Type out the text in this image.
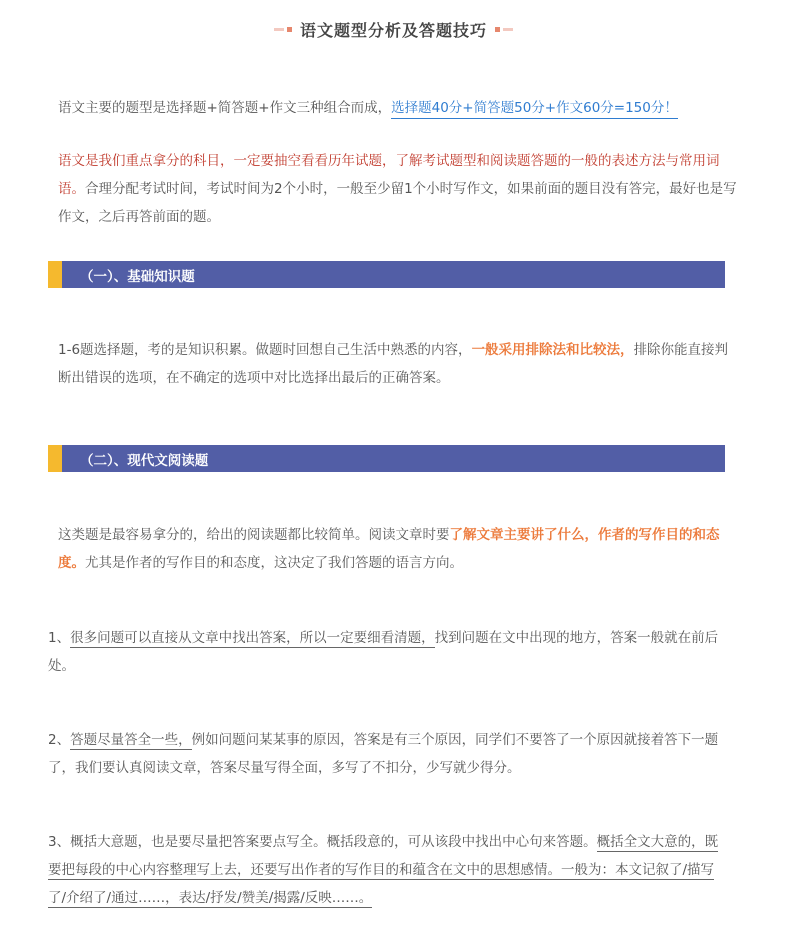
语文题型分析及答题技巧

语文主要的题型是选择题+简答题+作文三种组合而成，选择题40分+简答题50分+作文60分=150分！

语文是我们重点拿分的科目，一定要抽空看看历年试题，了解考试题型和阅读题答题的一般的表述方法与常用词语。合理分配考试时间，考试时间为2个小时，一般至少留1个小时写作文，如果前面的题目没有答完，最好也是写作文，之后再答前面的题。

（一）、基础知识题

1-6题选择题，考的是知识积累。做题时回想自己生活中熟悉的内容，一般采用排除法和比较法，排除你能直接判断出错误的选项，在不确定的选项中对比选择出最后的正确答案。

（二）、现代文阅读题

这类题是最容易拿分的，给出的阅读题都比较简单。阅读文章时要了解文章主要讲了什么，作者的写作目的和态度。尤其是作者的写作目的和态度，这决定了我们答题的语言方向。

1、很多问题可以直接从文章中找出答案，所以一定要细看清题，找到问题在文中出现的地方，答案一般就在前后处。

2、答题尽量答全一些，例如问题问某某事的原因，答案是有三个原因，同学们不要答了一个原因就接着答下一题了，我们要认真阅读文章，答案尽量写得全面，多写了不扣分，少写就少得分。

3、概括大意题，也是要尽量把答案要点写全。概括段意的，可从该段中找出中心句来答题。概括全文大意的，既要把每段的中心内容整理写上去，还要写出作者的写作目的和蕴含在文中的思想感情。一般为：本文记叙了/描写了/介绍了/通过……，表达/抒发/赞美/揭露/反映……。
